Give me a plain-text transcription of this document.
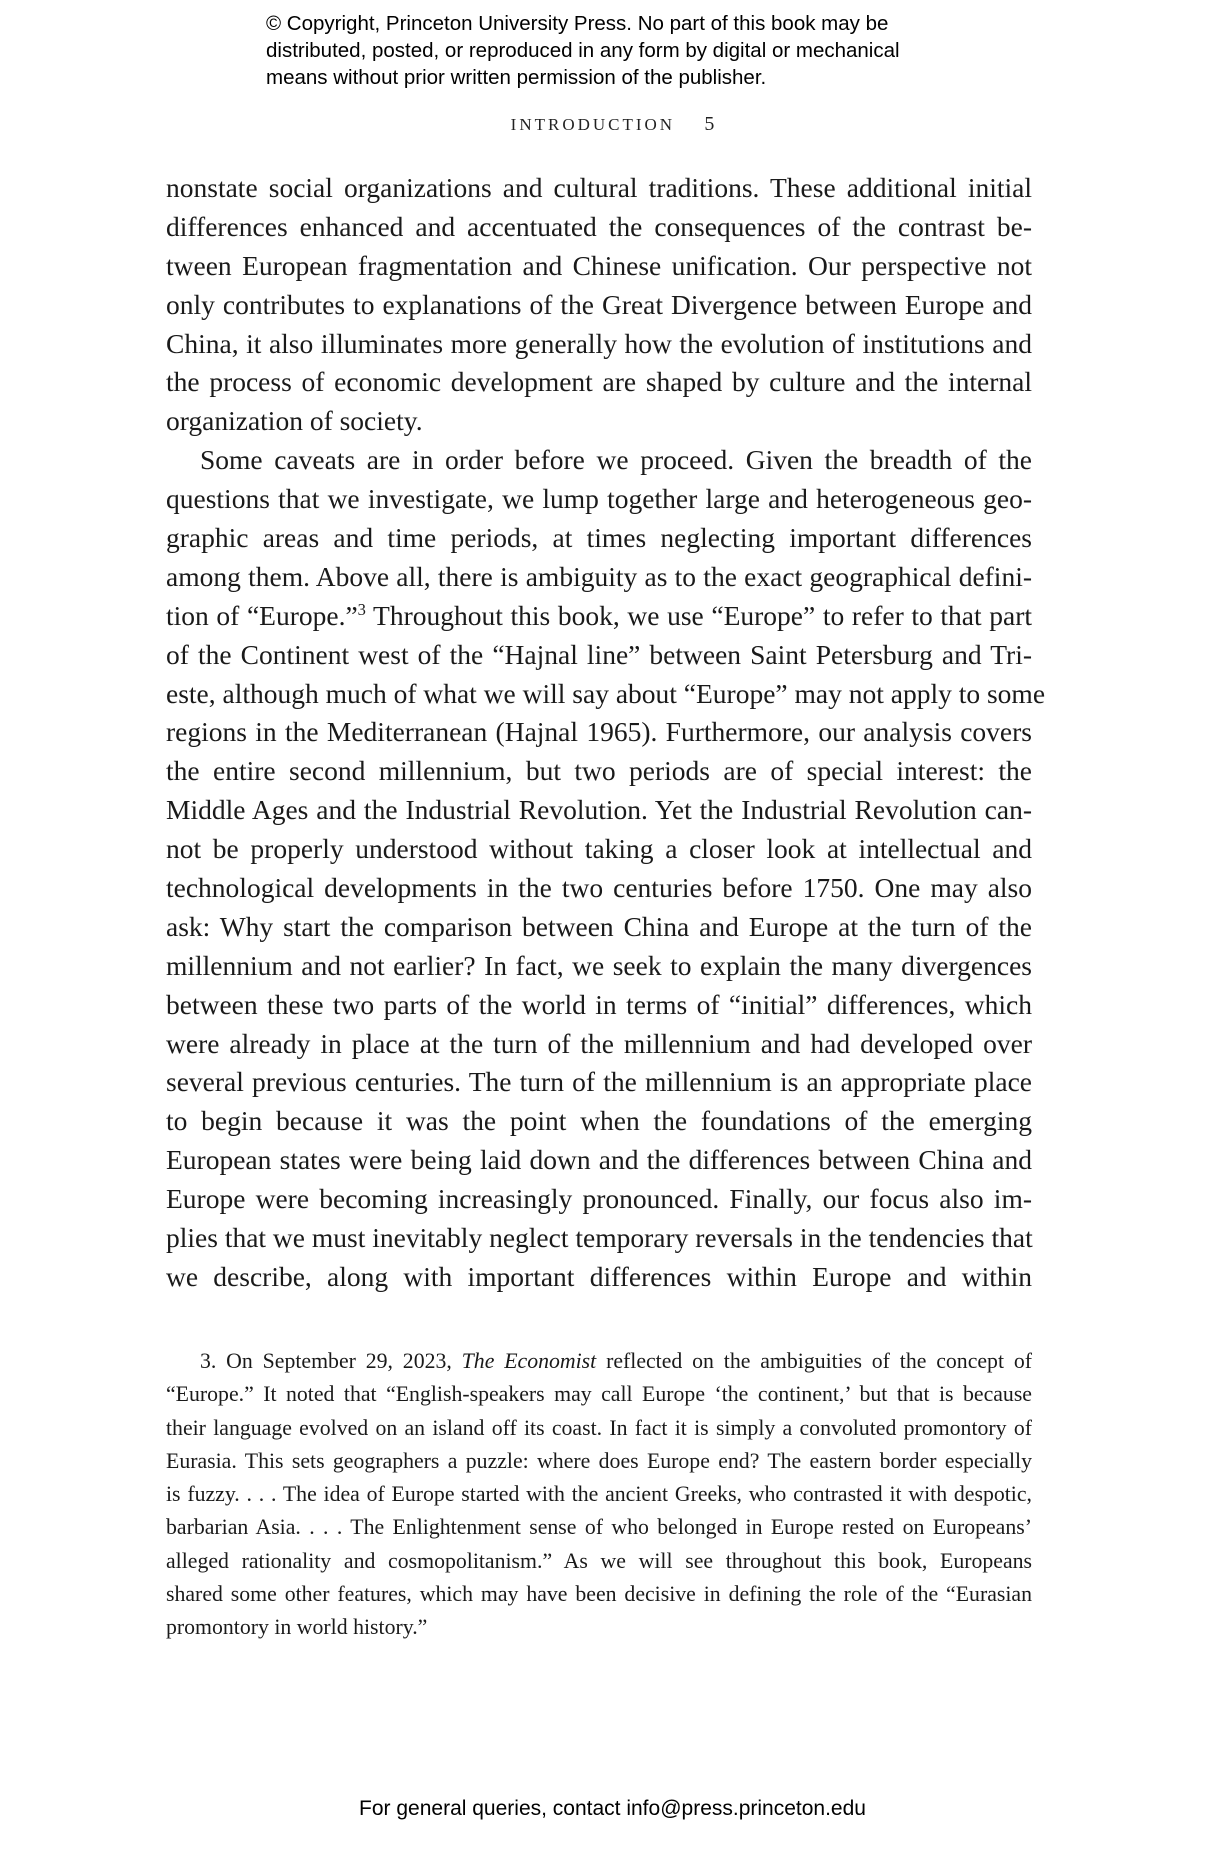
© Copyright, Princeton University Press. No part of this book may be
distributed, posted, or reproduced in any form by digital or mechanical
means without prior written permission of the publisher.
INTRODUCTION 5
nonstate social organizations and cultural traditions. These additional initial
differences enhanced and accentuated the consequences of the contrast be-
tween European fragmentation and Chinese unification. Our perspective not
only contributes to explanations of the Great Divergence between Europe and
China, it also illuminates more generally how the evolution of institutions and
the process of economic development are shaped by culture and the internal
organization of society.
Some caveats are in order before we proceed. Given the breadth of the
questions that we investigate, we lump together large and heterogeneous geo-
graphic areas and time periods, at times neglecting important differences
among them. Above all, there is ambiguity as to the exact geographical defini-
tion of “Europe.”$^3$ Throughout this book, we use “Europe” to refer to that part
of the Continent west of the “Hajnal line” between Saint Petersburg and Tri-
este, although much of what we will say about “Europe” may not apply to some
regions in the Mediterranean (Hajnal 1965). Furthermore, our analysis covers
the entire second millennium, but two periods are of special interest: the
Middle Ages and the Industrial Revolution. Yet the Industrial Revolution can-
not be properly understood without taking a closer look at intellectual and
technological developments in the two centuries before 1750. One may also
ask: Why start the comparison between China and Europe at the turn of the
millennium and not earlier? In fact, we seek to explain the many divergences
between these two parts of the world in terms of “initial” differences, which
were already in place at the turn of the millennium and had developed over
several previous centuries. The turn of the millennium is an appropriate place
to begin because it was the point when the foundations of the emerging
European states were being laid down and the differences between China and
Europe were becoming increasingly pronounced. Finally, our focus also im-
plies that we must inevitably neglect temporary reversals in the tendencies that
we describe, along with important differences within Europe and within
3. On September 29, 2023, The Economist reflected on the ambiguities of the concept of
“Europe.” It noted that “English-speakers may call Europe ‘the continent,’ but that is because
their language evolved on an island off its coast. In fact it is simply a convoluted promontory of
Eurasia. This sets geographers a puzzle: where does Europe end? The eastern border especially
is fuzzy. . . . The idea of Europe started with the ancient Greeks, who contrasted it with despotic,
barbarian Asia. . . . The Enlightenment sense of who belonged in Europe rested on Europeans’
alleged rationality and cosmopolitanism.” As we will see throughout this book, Europeans
shared some other features, which may have been decisive in defining the role of the “Eurasian
promontory in world history.”
For general queries, contact info@press.princeton.edu
